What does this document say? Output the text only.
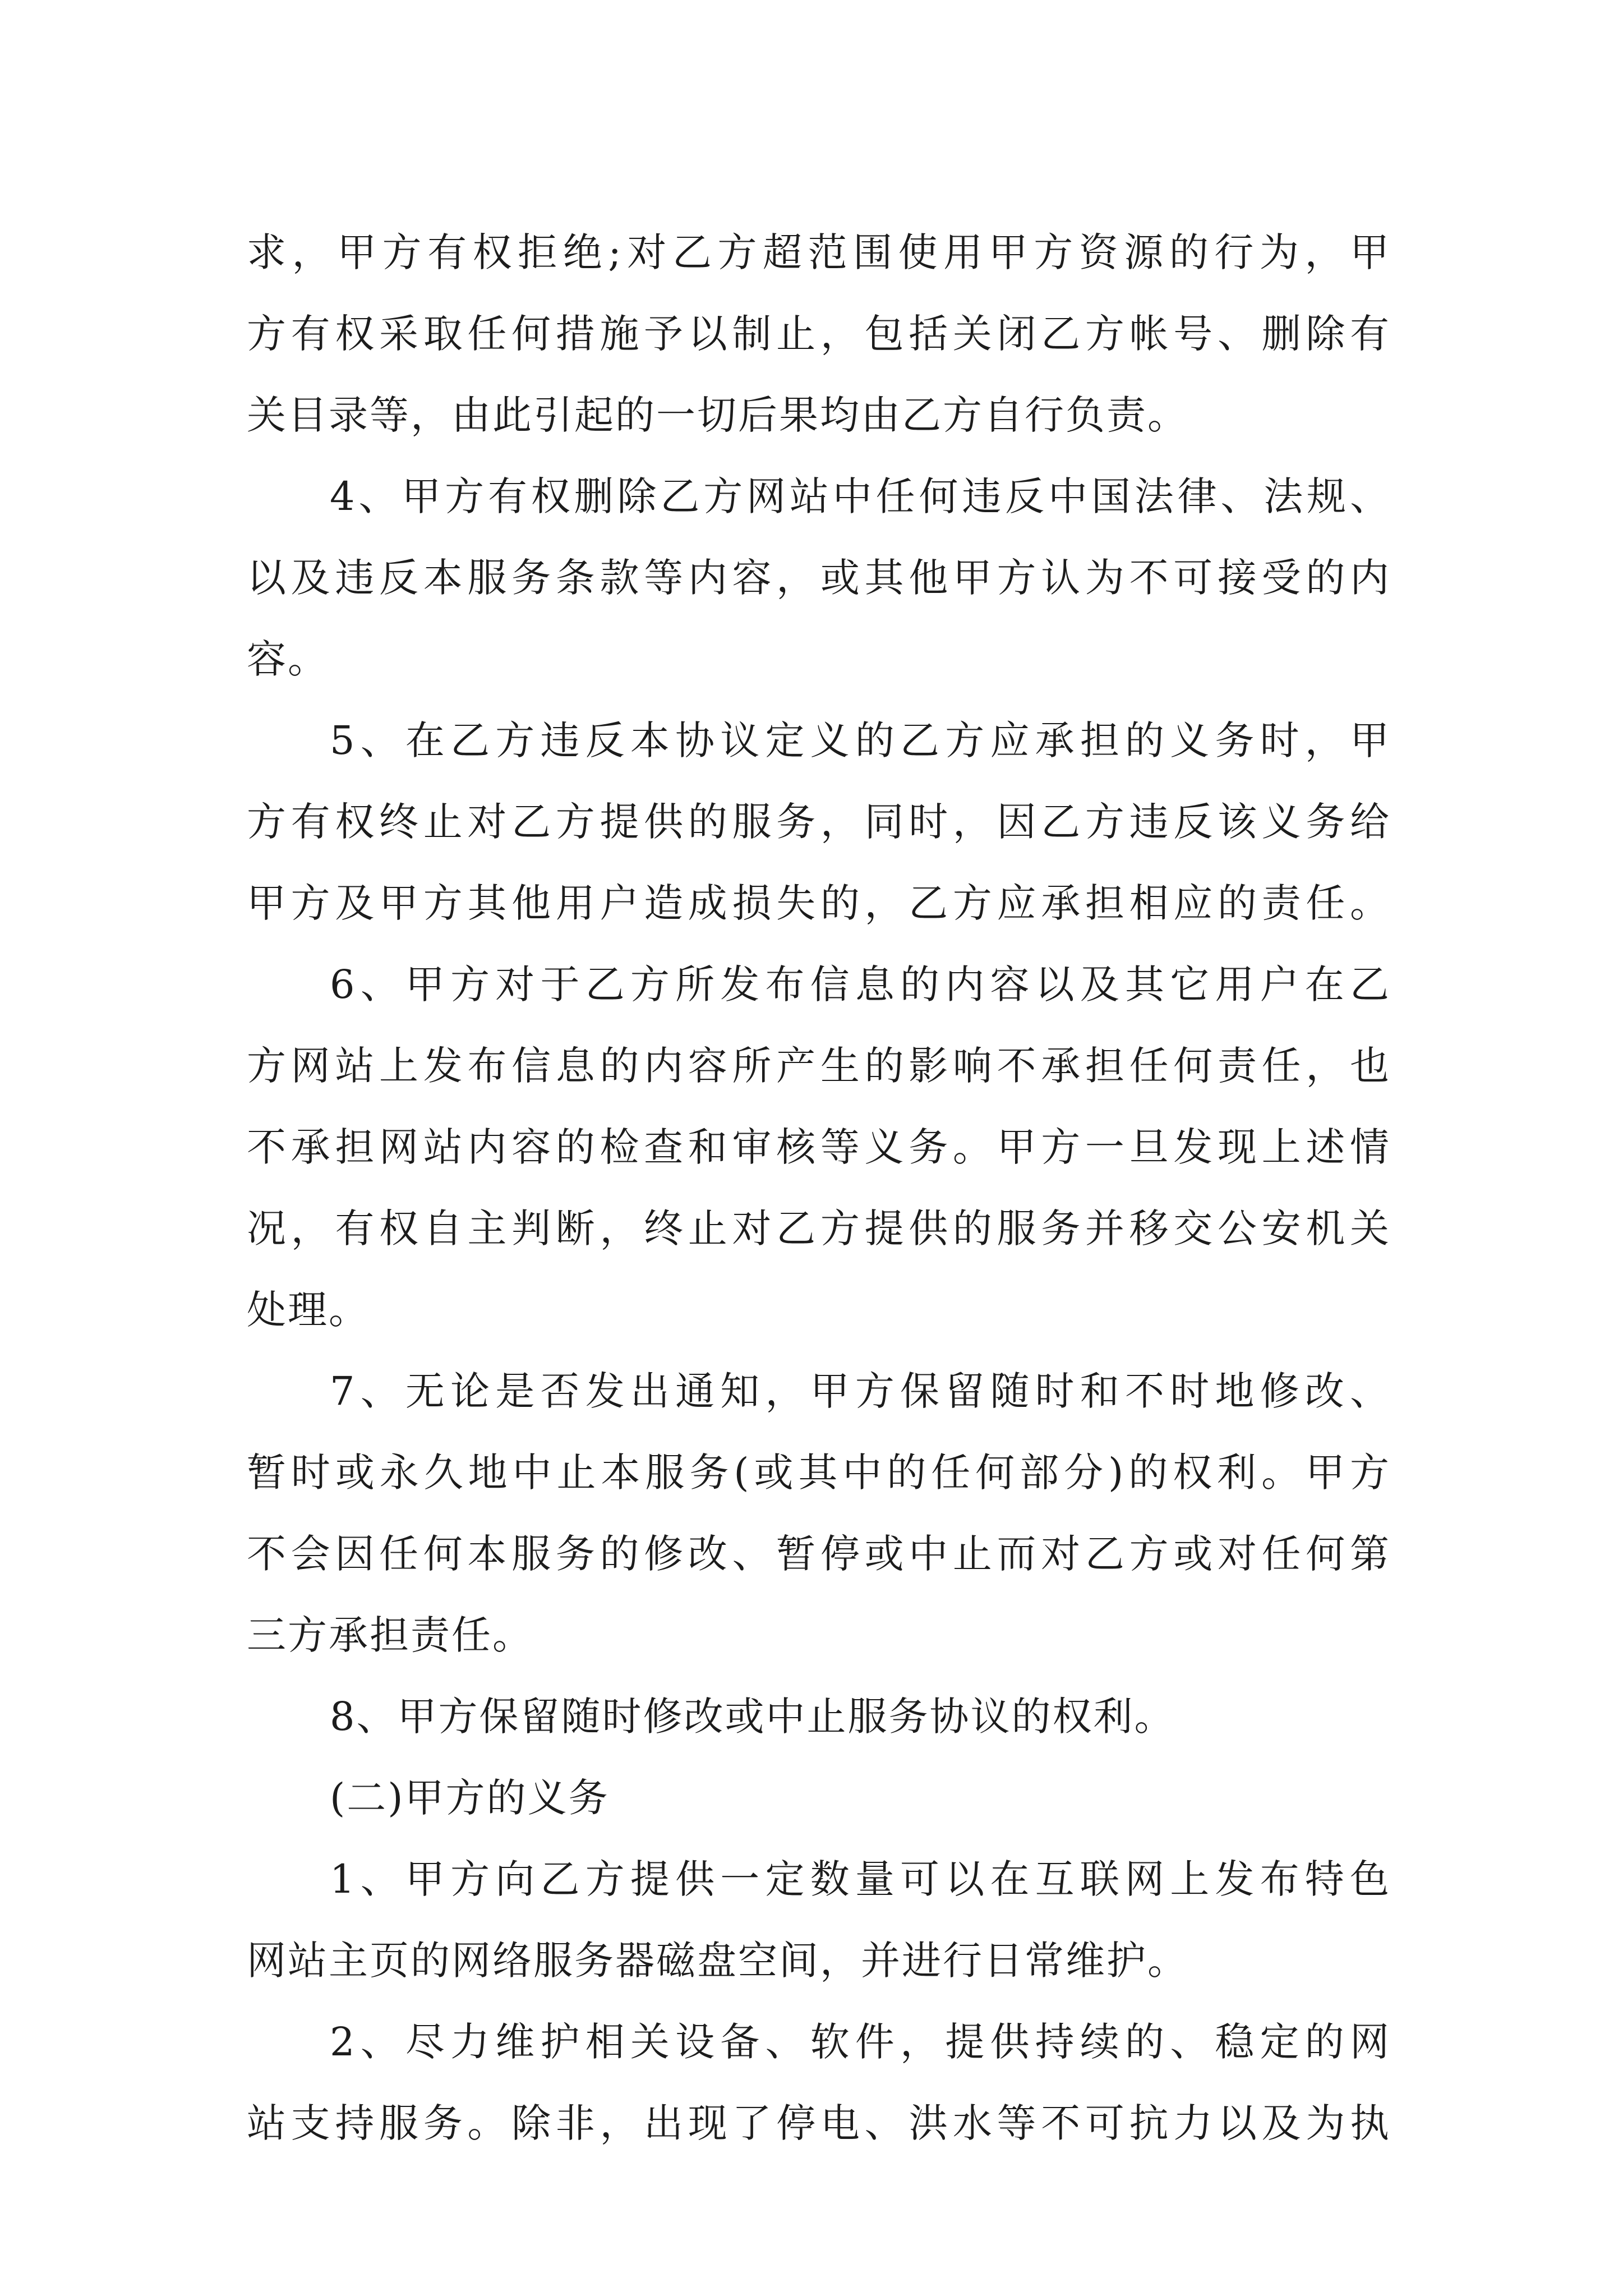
求，甲方有权拒绝;对乙方超范围使用甲方资源的行为，甲
方有权采取任何措施予以制止，包括关闭乙方帐号、删除有
关目录等，由此引起的一切后果均由乙方自行负责。
4、甲方有权删除乙方网站中任何违反中国法律、法规、
以及违反本服务条款等内容，或其他甲方认为不可接受的内
容。
5、在乙方违反本协议定义的乙方应承担的义务时，甲
方有权终止对乙方提供的服务，同时，因乙方违反该义务给
甲方及甲方其他用户造成损失的，乙方应承担相应的责任。
6、甲方对于乙方所发布信息的内容以及其它用户在乙
方网站上发布信息的内容所产生的影响不承担任何责任，也
不承担网站内容的检查和审核等义务。甲方一旦发现上述情
况，有权自主判断，终止对乙方提供的服务并移交公安机关
处理。
7、无论是否发出通知，甲方保留随时和不时地修改、
暂时或永久地中止本服务(或其中的任何部分)的权利。甲方
不会因任何本服务的修改、暂停或中止而对乙方或对任何第
三方承担责任。
8、甲方保留随时修改或中止服务协议的权利。
(二)甲方的义务
1、甲方向乙方提供一定数量可以在互联网上发布特色
网站主页的网络服务器磁盘空间，并进行日常维护。
2、尽力维护相关设备、软件，提供持续的、稳定的网
站支持服务。除非，出现了停电、洪水等不可抗力以及为执
